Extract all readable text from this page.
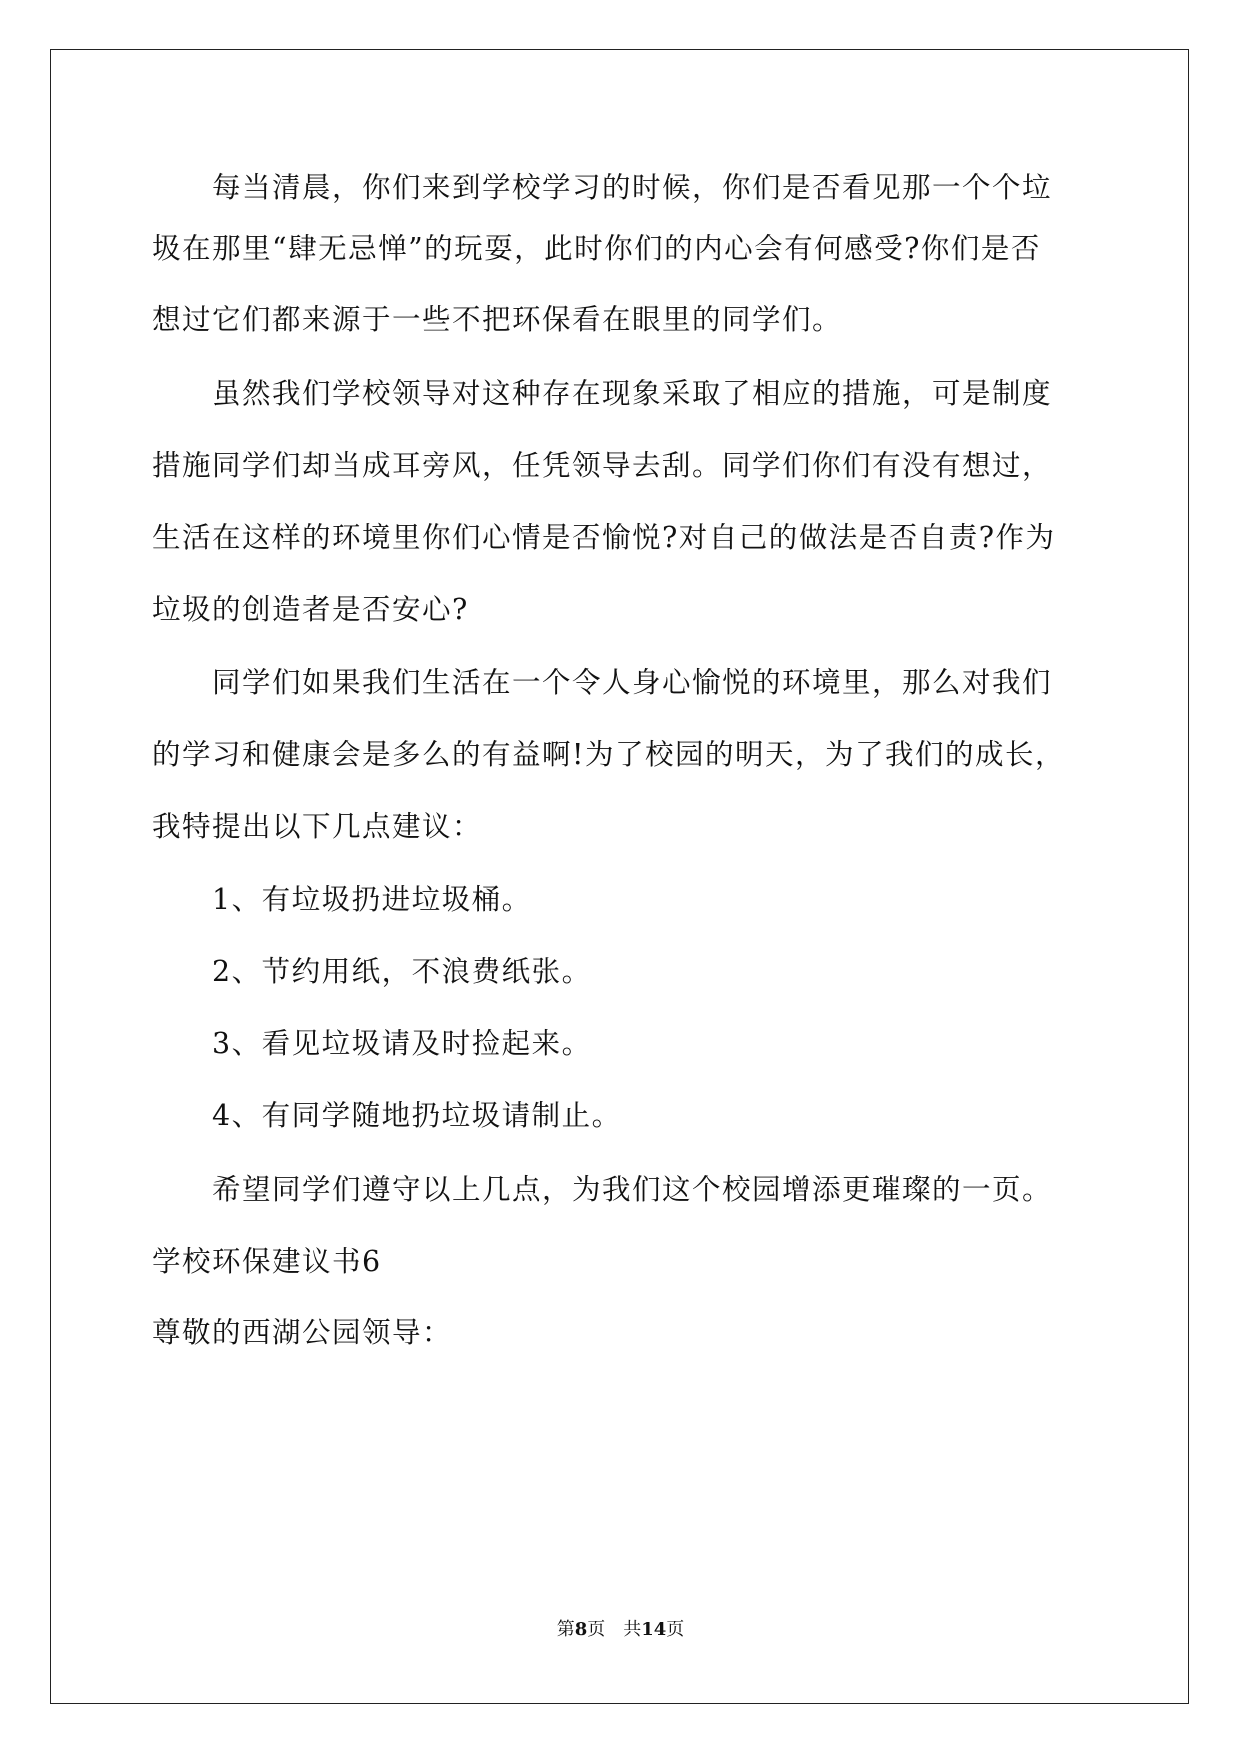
每当清晨，你们来到学校学习的时候，你们是否看见那一个个垃
圾在那里“肆无忌惮”的玩耍，此时你们的内心会有何感受?你们是否
想过它们都来源于一些不把环保看在眼里的同学们。
虽然我们学校领导对这种存在现象采取了相应的措施，可是制度
措施同学们却当成耳旁风，任凭领导去刮。同学们你们有没有想过，
生活在这样的环境里你们心情是否愉悦?对自己的做法是否自责?作为
垃圾的创造者是否安心?
同学们如果我们生活在一个令人身心愉悦的环境里，那么对我们
的学习和健康会是多么的有益啊!为了校园的明天，为了我们的成长，
我特提出以下几点建议：
1、有垃圾扔进垃圾桶。
2、节约用纸，不浪费纸张。
3、看见垃圾请及时捡起来。
4、有同学随地扔垃圾请制止。
希望同学们遵守以上几点，为我们这个校园增添更璀璨的一页。
学校环保建议书6
尊敬的西湖公园领导：
第8页 共14页
